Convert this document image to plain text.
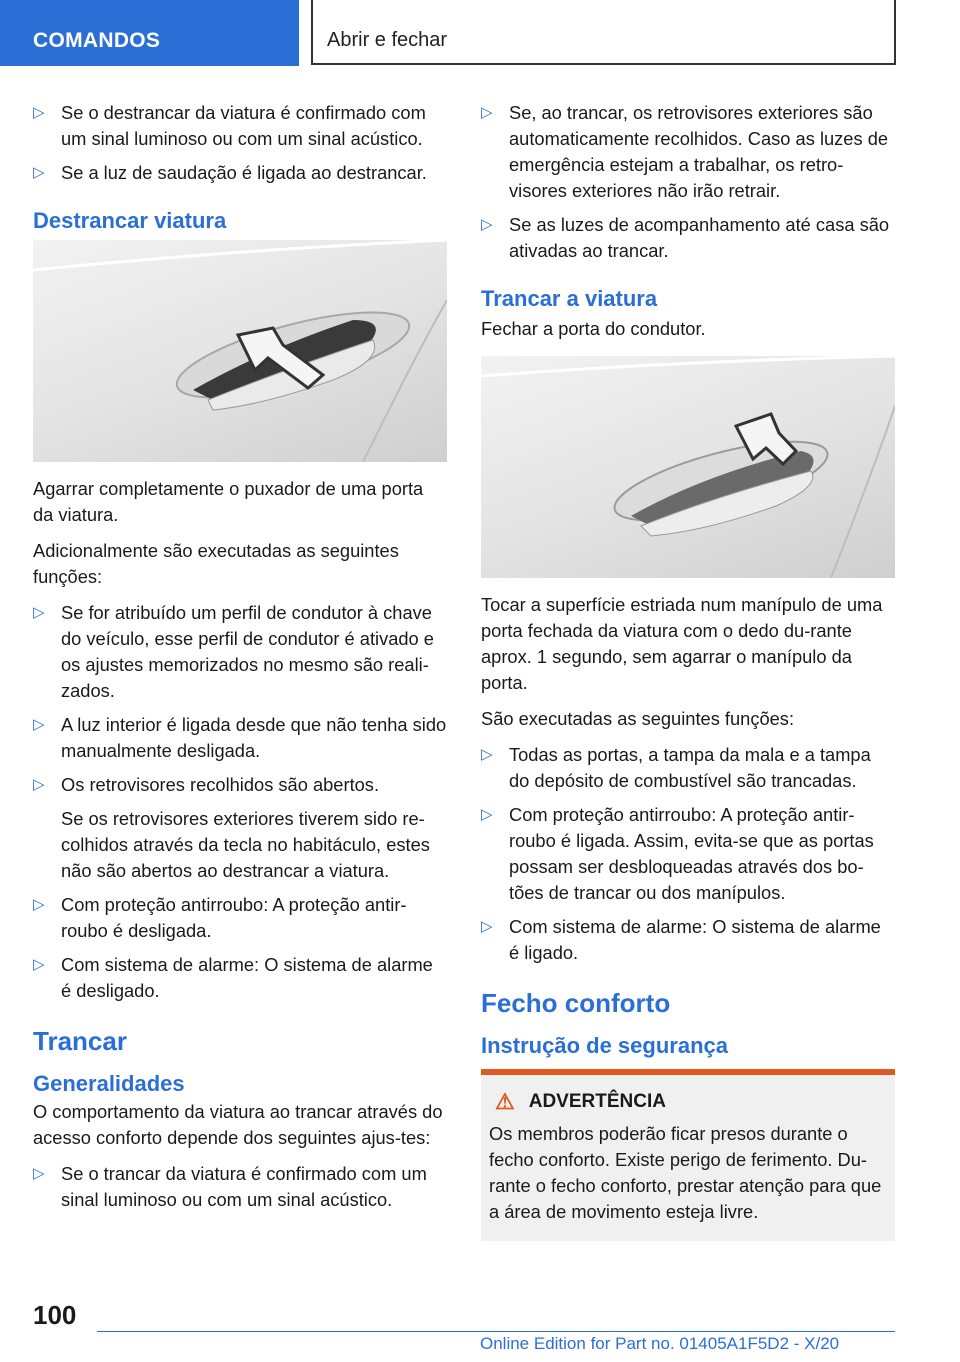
COMANDOS	Abrir e fechar
▷ Se o destrancar da viatura é confirmado com um sinal luminoso ou com um sinal acústico.
▷ Se a luz de saudação é ligada ao destrancar.
Destrancar viatura
Agarrar completamente o puxador de uma porta da viatura.
Adicionalmente são executadas as seguintes funções:
▷ Se for atribuído um perfil de condutor à chave do veículo, esse perfil de condutor é ativado e os ajustes memorizados no mesmo são reali-zados.
▷ A luz interior é ligada desde que não tenha sido manualmente desligada.
▷ Os retrovisores recolhidos são abertos.
Se os retrovisores exteriores tiverem sido re-colhidos através da tecla no habitáculo, estes não são abertos ao destrancar a viatura.
▷ Com proteção antirroubo: A proteção antir-roubo é desligada.
▷ Com sistema de alarme: O sistema de alarme é desligado.
Trancar
Generalidades
O comportamento da viatura ao trancar através do acesso conforto depende dos seguintes ajus-tes:
▷ Se o trancar da viatura é confirmado com um sinal luminoso ou com um sinal acústico.
▷ Se, ao trancar, os retrovisores exteriores são automaticamente recolhidos. Caso as luzes de emergência estejam a trabalhar, os retro-visores exteriores não irão retrair.
▷ Se as luzes de acompanhamento até casa são ativadas ao trancar.
Trancar a viatura
Fechar a porta do condutor.
Tocar a superfície estriada num manípulo de uma porta fechada da viatura com o dedo du-rante aprox. 1 segundo, sem agarrar o manípulo da porta.
São executadas as seguintes funções:
▷ Todas as portas, a tampa da mala e a tampa do depósito de combustível são trancadas.
▷ Com proteção antirroubo: A proteção antir-roubo é ligada. Assim, evita-se que as portas possam ser desbloqueadas através dos bo-tões de trancar ou dos manípulos.
▷ Com sistema de alarme: O sistema de alarme é ligado.
Fecho conforto
Instrução de segurança
⚠ ADVERTÊNCIA
Os membros poderão ficar presos durante o fecho conforto. Existe perigo de ferimento. Du-rante o fecho conforto, prestar atenção para que a área de movimento esteja livre.
100
Online Edition for Part no. 01405A1F5D2 - X/20
